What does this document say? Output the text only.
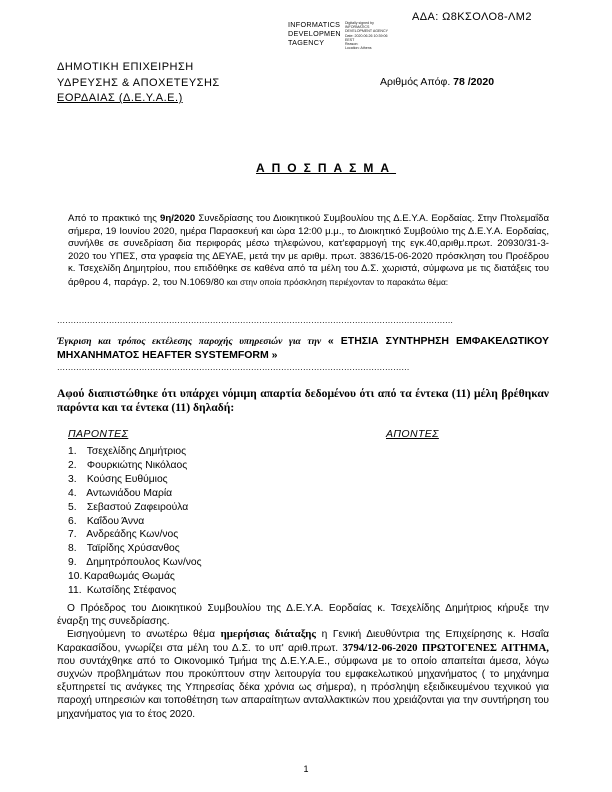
ΑΔΑ: Ω8ΚΣΟΛΟ8-ΛΜ2
INFORMATICS
DEVELOPMEN
TAGENCY
Digitally signed by
INFORMATICS
DEVELOPMENT AGENCY
Date: 2020.06.26 10:39:06
EEST
Reason:
Location: Athens
ΔΗΜΟΤΙΚΗ ΕΠΙΧΕΙΡΗΣΗ
ΥΔΡΕΥΣΗΣ & ΑΠΟΧΕΤΕΥΣΗΣ
ΕΟΡΔΑΙΑΣ (Δ.Ε.Υ.Α.Ε.)
Αριθμός Απόφ. 78 /2020
ΑΠΟΣΠΑΣΜΑ
Από το πρακτικό της 9η/2020 Συνεδρίασης του Διοικητικού Συμβουλίου της Δ.Ε.Υ.Α. Εορδαίας. Στην Πτολεμαΐδα σήμερα, 19 Ιουνίου 2020, ημέρα Παρασκευή και ώρα 12:00 μ.μ., το Διοικητικό Συμβούλιο της Δ.Ε.Υ.Α. Εορδαίας, συνήλθε σε συνεδρίαση δια περιφοράς μέσω τηλεφώνου, κατ'εφαρμογή της εγκ.40,αριθμ.πρωτ. 20930/31-3-2020 του ΥΠΕΣ, στα γραφεία της ΔΕΥΑΕ, μετά την με αριθμ. πρωτ. 3836/15-06-2020 πρόσκληση του Προέδρου κ. Τσεχελίδη Δημητρίου, που επιδόθηκε σε καθένα από τα μέλη του Δ.Σ. χωριστά, σύμφωνα με τις διατάξεις του άρθρου 4, παράγρ. 2, του Ν.1069/80 και στην οποία πρόσκληση περιέχονταν το παρακάτω θέμα:
……………………………………………………………………………………………………………………………….
Έγκριση και τρόπος εκτέλεσης παροχής υπηρεσιών για την « ΕΤΗΣΙΑ ΣΥΝΤΗΡΗΣΗ ΕΜΦΑΚΕΛΩΤΙΚΟΥ ΜΗΧΑΝΗΜΑΤΟΣ HEAFTER SYSTEMFORM »
…………………………………………………………………………………………………………………
Αφού διαπιστώθηκε ότι υπάρχει νόμιμη απαρτία δεδομένου ότι από τα έντεκα (11) μέλη βρέθηκαν παρόντα και τα έντεκα (11) δηλαδή:
ΠΑΡΟΝΤΕΣ	ΑΠΟΝΤΕΣ
1. Τσεχελίδης Δημήτριος
2. Φουρκιώτης Νικόλαος
3. Κούσης Ευθύμιος
4. Αντωνιάδου Μαρία
5. Σεβαστού Ζαφειρούλα
6. Καΐδου Άννα
7. Ανδρεάδης Κων/νος
8. Ταϊρίδης Χρύσανθος
9. Δημητρόπουλος Κων/νος
10. Καραθωμάς Θωμάς
11. Κωτσίδης Στέφανος
Ο Πρόεδρος του Διοικητικού Συμβουλίου της Δ.Ε.Υ.Α. Εορδαίας κ. Τσεχελίδης Δημήτριος κήρυξε την έναρξη της συνεδρίασης.
Εισηγούμενη το ανωτέρω θέμα ημερήσιας διάταξης η Γενική Διευθύντρια της Επιχείρησης κ. Ησαΐα Καρακασίδου, γνωρίζει στα μέλη του Δ.Σ. το υπ' αριθ.πρωτ. 3794/12-06-2020 ΠΡΩΤΟΓΕΝΕΣ ΑΙΤΗΜΑ, που συντάχθηκε από το Οικονομικό Τμήμα της Δ.Ε.Υ.Α.Ε., σύμφωνα με το οποίο απαιτείται άμεσα, λόγω συχνών προβλημάτων που προκύπτουν στην λειτουργία του εμφακελωτικού μηχανήματος ( το μηχάνημα εξυπηρετεί τις ανάγκες της Υπηρεσίας δέκα χρόνια ως σήμερα), η πρόσληψη εξειδικευμένου τεχνικού για παροχή υπηρεσιών και τοποθέτηση των απαραίτητων ανταλλακτικών που χρειάζονται για την συντήρηση του μηχανήματος για το έτος 2020.
1
